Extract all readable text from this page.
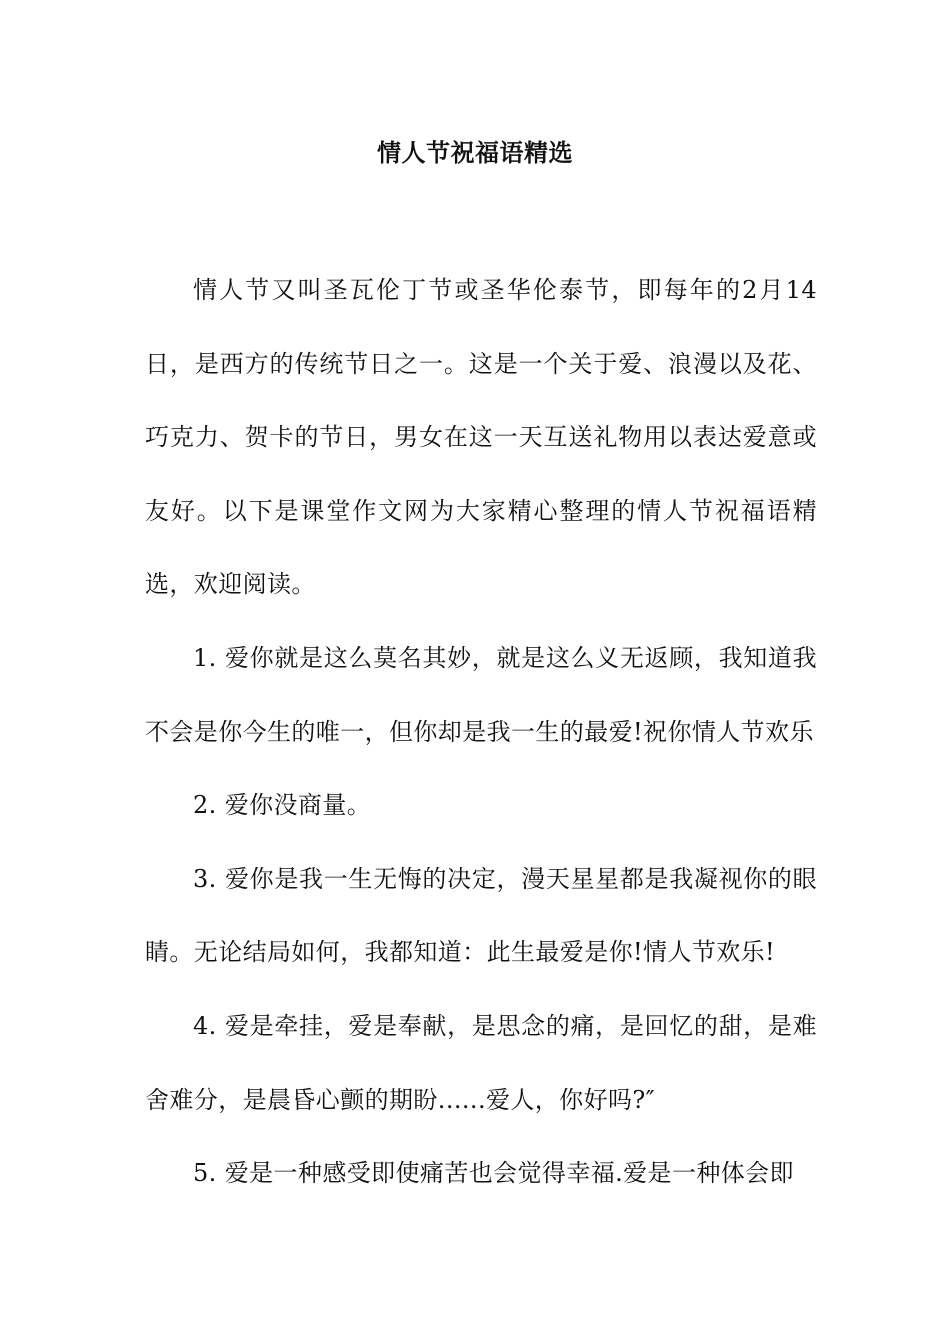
情人节祝福语精选

情人节又叫圣瓦伦丁节或圣华伦泰节，即每年的2月14日，是西方的传统节日之一。这是一个关于爱、浪漫以及花、巧克力、贺卡的节日，男女在这一天互送礼物用以表达爱意或友好。以下是课堂作文网为大家精心整理的情人节祝福语精选，欢迎阅读。

1. 爱你就是这么莫名其妙，就是这么义无返顾，我知道我不会是你今生的唯一，但你却是我一生的最爱!祝你情人节欢乐

2. 爱你没商量。

3. 爱你是我一生无悔的决定，漫天星星都是我凝视你的眼睛。无论结局如何，我都知道：此生最爱是你!情人节欢乐!

4. 爱是牵挂，爱是奉献，是思念的痛，是回忆的甜，是难舍难分，是晨昏心颤的期盼......爱人，你好吗?″

5. 爱是一种感受即使痛苦也会觉得幸福.爱是一种体会即
